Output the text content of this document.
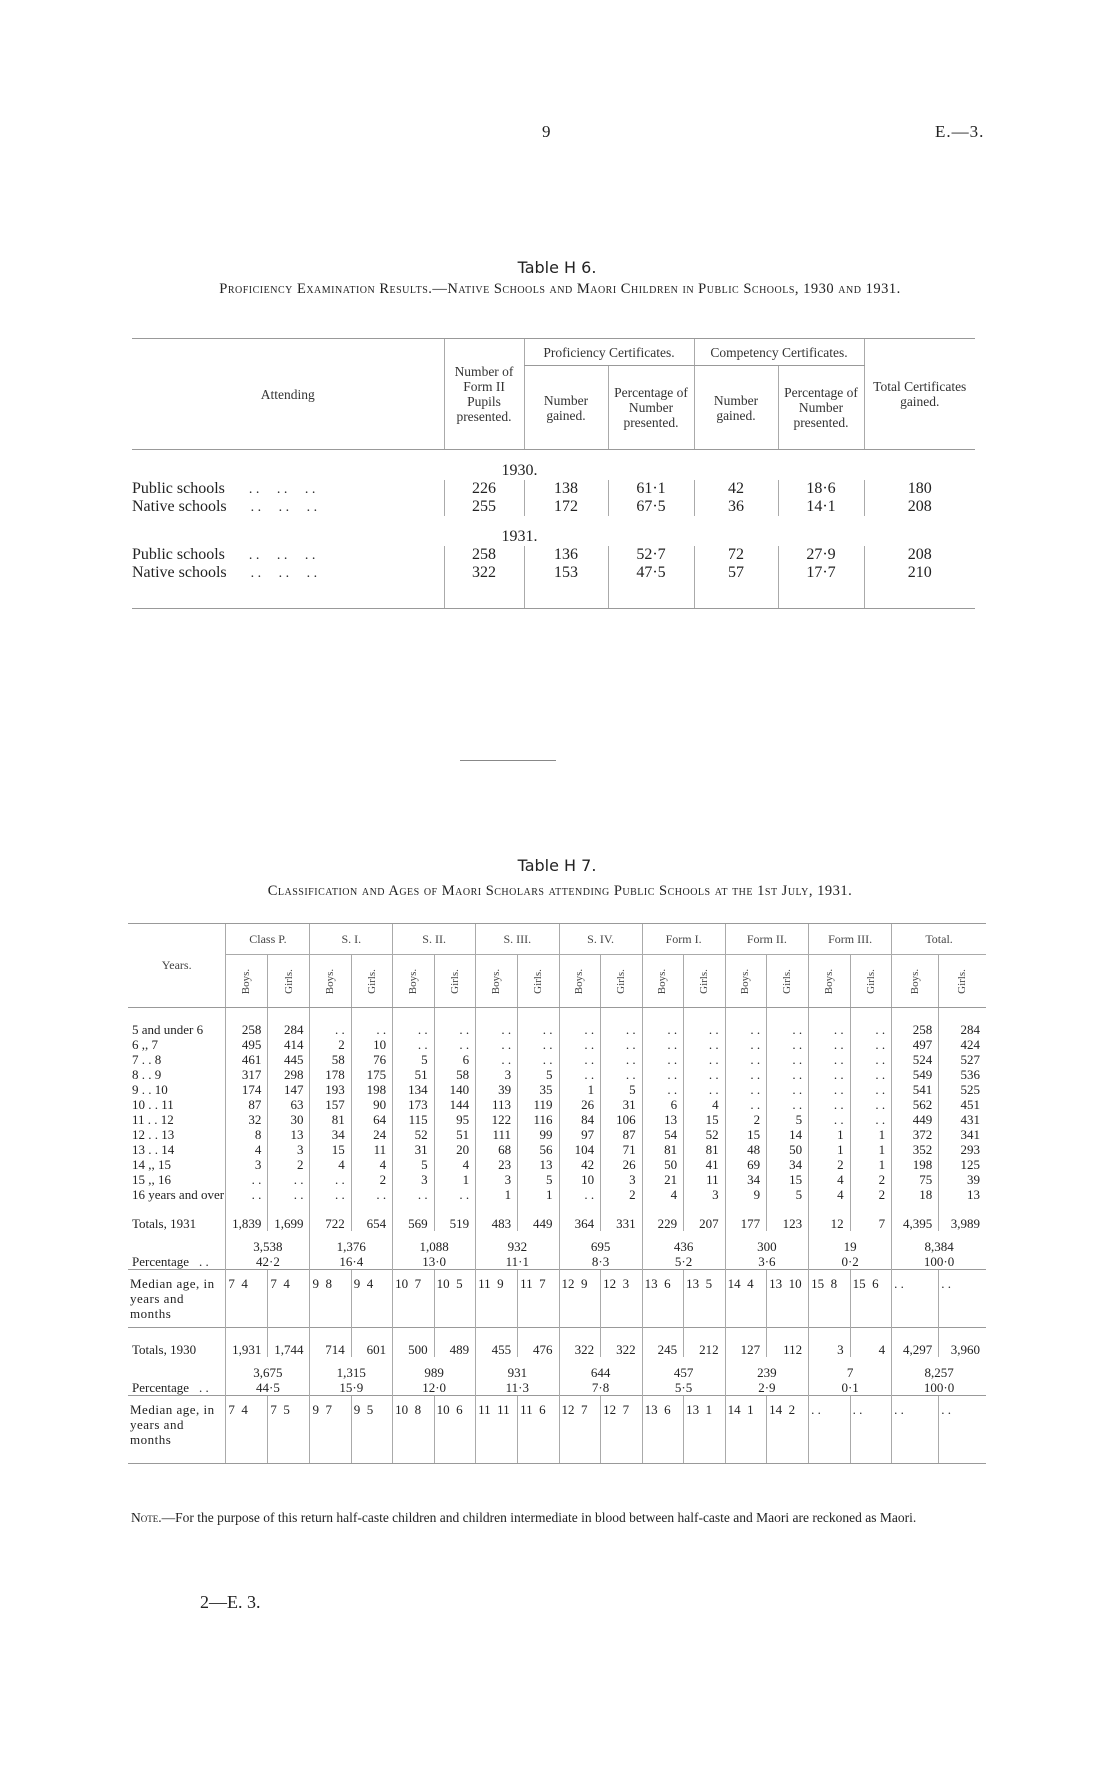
9	E.—3.
Table H 6.
Proficiency Examination Results.—Native Schools and Maori Children in Public Schools, 1930 and 1931.
Attending	Number of Form II Pupils presented.	Proficiency Certificates.		Competency Certificates.		Total Certificates gained.
		Number gained.	Percentage of Number presented.	Number gained.	Percentage of Number presented.	
	1930.					
Public schools . .     . .     . .	226	138	61·1	42	18·6	180
Native schools . .     . .     . .	255	172	67·5	36	14·1	208
	1931.					
Public schools . .     . .     . .	258	136	52·7	72	27·9	208
Native schools . .     . .     . .	322	153	47·5	57	17·7	210

Table H 7.
Classification and Ages of Maori Scholars attending Public Schools at the 1st July, 1931.
Years.	Class P.		S. I.		S. II.		S. III.		S. IV.		Form I.		Form II.		Form III.		Total.	
	Boys.	Girls.	Boys.	Girls.	Boys.	Girls.	Boys.	Girls.	Boys.	Girls.	Boys.	Girls.	Boys.	Girls.	Boys.	Girls.	Boys.	Girls.

5 and under 6	258	284	. .	. .	. .	. .	. .	. .	. .	. .	. .	. .	. .	. .	. .	. .	258	284
6 ,, 7	495	414	2	10	. .	. .	. .	. .	. .	. .	. .	. .	. .	. .	. .	. .	497	424
7 . . 8	461	445	58	76	5	6	. .	. .	. .	. .	. .	. .	. .	. .	. .	. .	524	527
8 . . 9	317	298	178	175	51	58	3	5	. .	. .	. .	. .	. .	. .	. .	. .	549	536
9 . . 10	174	147	193	198	134	140	39	35	1	5	. .	. .	. .	. .	. .	. .	541	525
10 . . 11	87	63	157	90	173	144	113	119	26	31	6	4	. .	. .	. .	. .	562	451
11 . . 12	32	30	81	64	115	95	122	116	84	106	13	15	2	5	. .	. .	449	431
12 . . 13	8	13	34	24	52	51	111	99	97	87	54	52	15	14	1	1	372	341
13 . . 14	4	3	15	11	31	20	68	56	104	71	81	81	48	50	1	1	352	293
14 ,, 15	3	2	4	4	5	4	23	13	42	26	50	41	69	34	2	1	198	125
15 ,, 16	. .	. .	. .	2	3	1	3	5	10	3	21	11	34	15	4	2	75	39
16 years and over	. .	. .	. .	. .	. .	. .	1	1	. .	2	4	3	9	5	4	2	18	13
Totals, 1931	1,839	1,699	722	654	569	519	483	449	364	331	229	207	177	123	12	7	4,395	3,989
	3,538		1,376		1,088		932		695		436		300		19		8,384	
Percentage . .	42·2		16·4		13·0		11·1		8·3		5·2		3·6		0·2		100·0	
Median age, in years and months	7  4	7  4	9  8	9  4	10  7	10  5	11  9	11  7	12  9	12  3	13  6	13  5	14  4	13  10	15  8	15  6	. .	. .
Totals, 1930	1,931	1,744	714	601	500	489	455	476	322	322	245	212	127	112	3	4	4,297	3,960
	3,675		1,315		989		931		644		457		239		7		8,257	
Percentage . .	44·5		15·9		12·0		11·3		7·8		5·5		2·9		0·1		100·0	
Median age, in years and months	7  4	7  5	9  7	9  5	10  8	10  6	11  11	11  6	12  7	12  7	13  6	13  1	14  1	14  2	. .	. .	. .	. .

Note.—For the purpose of this return half-caste children and children intermediate in blood between half-caste and Maori are reckoned as Maori.
2—E. 3.
